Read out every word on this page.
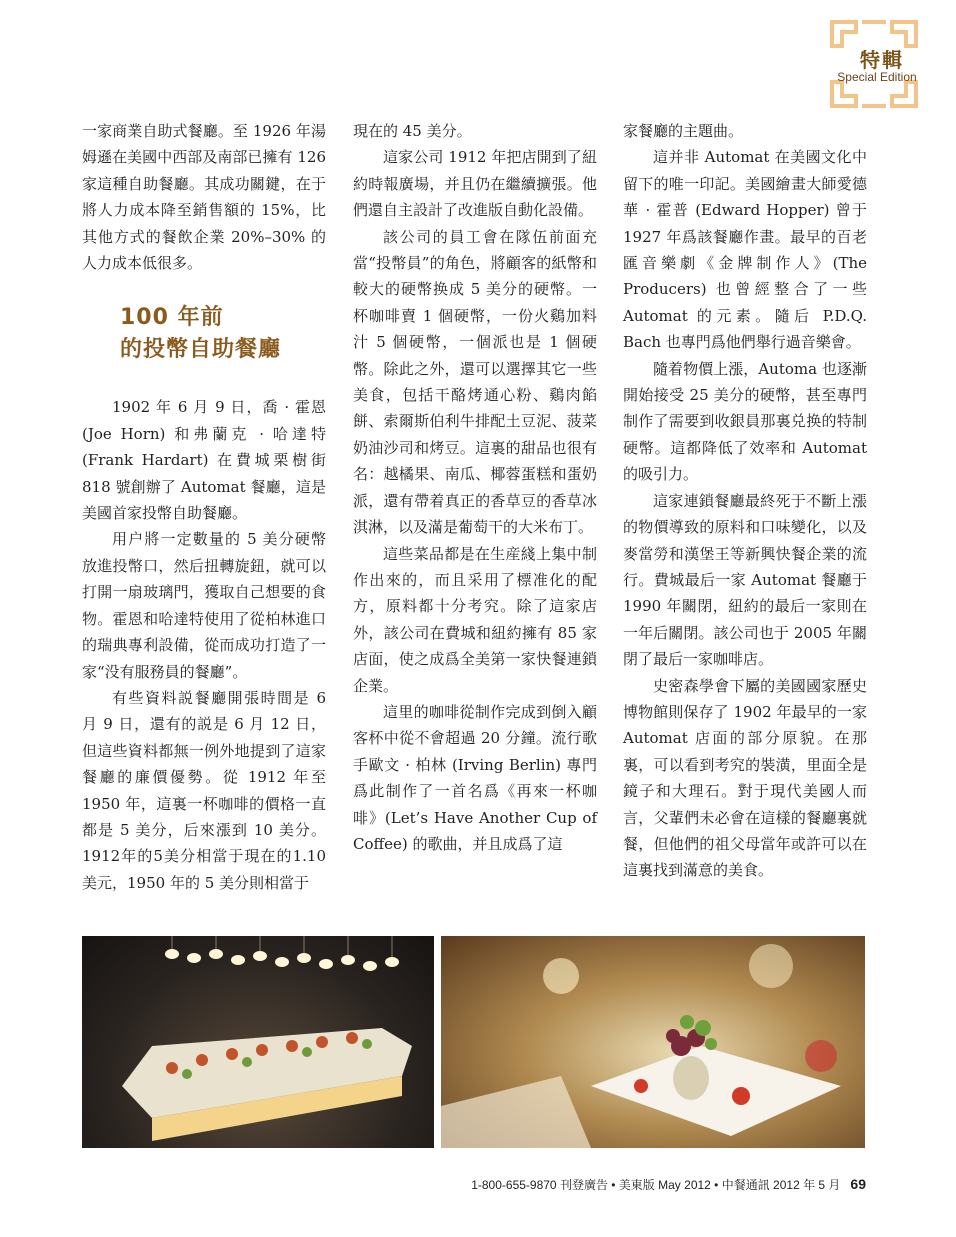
特輯
Special Edition

一家商業自助式餐廳。至 1926 年湯姆遜在美國中西部及南部已擁有 126 家這種自助餐廳。其成功關鍵，在于將人力成本降至銷售額的 15%，比其他方式的餐飲企業 20%–30% 的人力成本低很多。

100 年前
的投幣自助餐廳

1902 年 6 月 9 日，喬 · 霍恩 (Joe Horn) 和弗蘭克 · 哈達特 (Frank Hardart) 在費城栗樹街 818 號創辦了 Automat 餐廳，這是美國首家投幣自助餐廳。

用户將一定數量的 5 美分硬幣放進投幣口，然后扭轉旋鈕，就可以打開一扇玻璃門，獲取自己想要的食物。霍恩和哈達特使用了從柏林進口的瑞典專利設備，從而成功打造了一家“没有服務員的餐廳”。

有些資料説餐廳開張時間是 6 月 9 日，還有的説是 6 月 12 日，但這些資料都無一例外地提到了這家餐廳的廉價優勢。從 1912 年至 1950 年，這裏一杯咖啡的價格一直都是 5 美分，后來漲到 10 美分。1912年的5美分相當于現在的1.10 美元，1950 年的 5 美分則相當于

現在的 45 美分。

這家公司 1912 年把店開到了紐約時報廣場，并且仍在繼續擴張。他們還自主設計了改進版自動化設備。

該公司的員工會在隊伍前面充當“投幣員”的角色，將顧客的紙幣和較大的硬幣换成 5 美分的硬幣。一杯咖啡賣 1 個硬幣，一份火鷄加料汁 5 個硬幣，一個派也是 1 個硬幣。除此之外，還可以選擇其它一些美食，包括干酪烤通心粉、鷄肉餡餅、索爾斯伯利牛排配土豆泥、菠菜奶油沙司和烤豆。這裏的甜品也很有名：越橘果、南瓜、椰蓉蛋糕和蛋奶派，還有帶着真正的香草豆的香草冰淇淋，以及滿是葡萄干的大米布丁。

這些菜品都是在生産綫上集中制作出來的，而且采用了標准化的配方，原料都十分考究。除了這家店外，該公司在費城和紐約擁有 85 家店面，使之成爲全美第一家快餐連鎖企業。

這里的咖啡從制作完成到倒入顧客杯中從不會超過 20 分鐘。流行歌手歐文 · 柏林 (Irving Berlin) 專門爲此制作了一首名爲《再來一杯咖啡》(Let’s Have Another Cup of Coffee) 的歌曲，并且成爲了這

家餐廳的主題曲。

這并非 Automat 在美國文化中留下的唯一印記。美國繪畫大師愛德華 · 霍普 (Edward Hopper) 曾于 1927 年爲該餐廳作畫。最早的百老匯音樂劇《金牌制作人》(The Producers) 也曾經整合了一些 Automat 的元素。隨后 P.D.Q. Bach 也專門爲他們舉行過音樂會。

隨着物價上漲，Automa 也逐漸開始接受 25 美分的硬幣，甚至專門制作了需要到收銀員那裏兑换的特制硬幣。這都降低了效率和 Automat 的吸引力。

這家連鎖餐廳最終死于不斷上漲的物價導致的原料和口味變化，以及麥當勞和漢堡王等新興快餐企業的流行。費城最后一家 Automat 餐廳于 1990 年關閉，紐約的最后一家則在一年后關閉。該公司也于 2005 年關閉了最后一家咖啡店。

史密森學會下屬的美國國家歷史博物館則保存了 1902 年最早的一家 Automat 店面的部分原貌。在那裏，可以看到考究的裝潢，里面全是鏡子和大理石。對于現代美國人而言，父輩們未必會在這樣的餐廳裏就餐，但他們的祖父母當年或許可以在這裏找到滿意的美食。

1-800-655-9870 刊登廣告 • 美東版 May 2012 • 中餐通訊 2012 年 5 月 69
